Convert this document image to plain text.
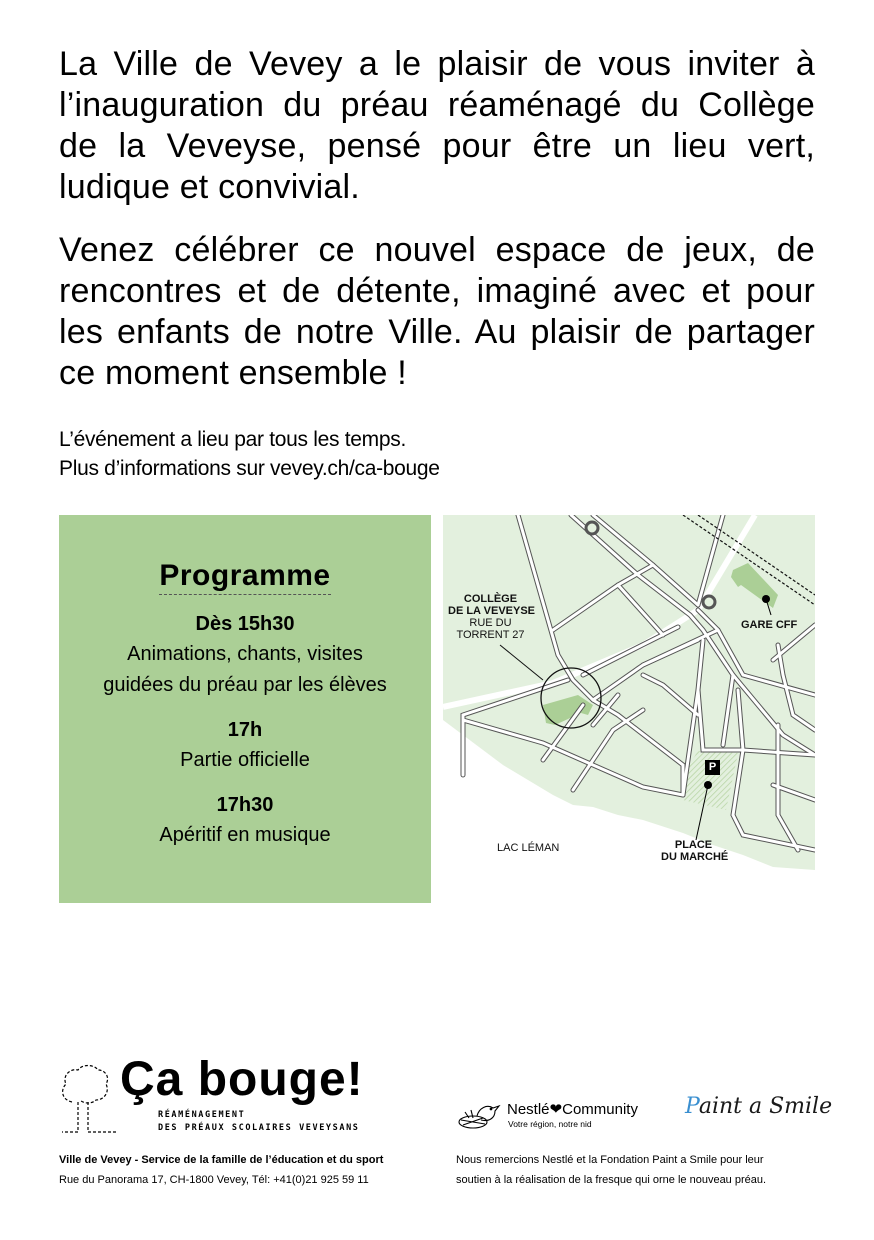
La Ville de Vevey a le plaisir de vous inviter à l’inauguration du préau réaménagé du Collège de la Veveyse, pensé pour être un lieu vert, ludique et convivial.

Venez célébrer ce nouvel espace de jeux, de rencontres et de détente, imaginé avec et pour les enfants de notre Ville. Au plaisir de partager ce moment ensemble !

L’événement a lieu par tous les temps.
Plus d’informations sur vevey.ch/ca-bouge
Programme
Dès 15h30
Animations, chants, visites
guidées du préau par les élèves
17h
Partie officielle
17h30
Apéritif en musique
P
COLLÈGE
DE LA VEVEYSE
RUE DU
TORRENT 27
GARE CFF
LAC LÉMAN	PLACE
DU MARCHÉ
Ça bouge!
RÉAMÉNAGEMENT
DES PRÉAUX SCOLAIRES VEVEYSANS
Ville de Vevey - Service de la famille de l’éducation et du sport
Rue du Panorama 17, CH-1800 Vevey, Tél: +41(0)21 925 59 11
Nestlé❤Community
Votre région, notre nid
Paint a Smile
Nous remercions Nestlé et la Fondation Paint a Smile pour leur
soutien à la réalisation de la fresque qui orne le nouveau préau.
